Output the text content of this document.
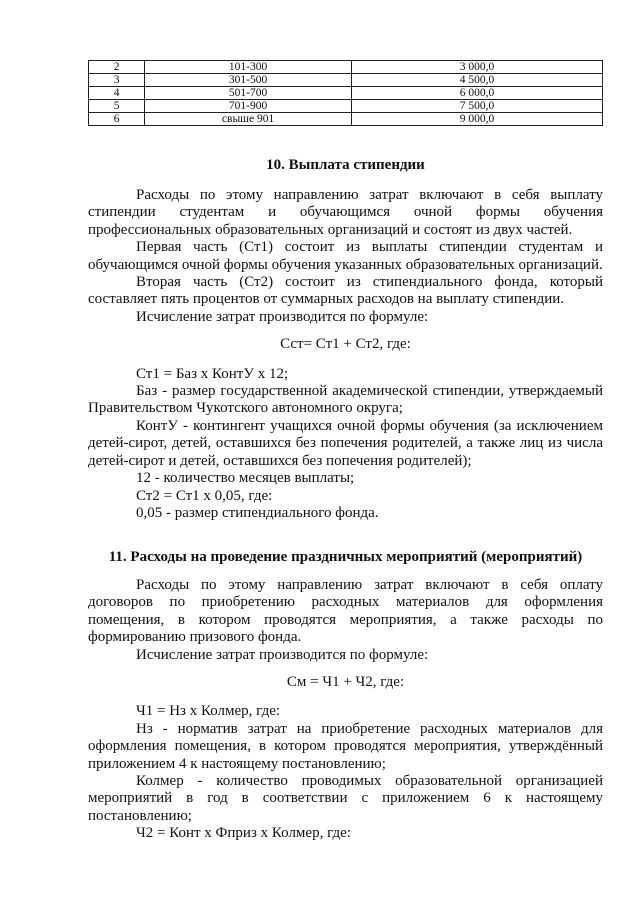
2	101-300	3 000,0
3	301-500	4 500,0
4	501-700	6 000,0
5	701-900	7 500,0
6	свыше 901	9 000,0
10. Выплата стипендии

Расходы по этому направлению затрат включают в себя выплату стипендии студентам и обучающимся очной формы обучения профессиональных образовательных организаций и состоят из двух частей.

Первая часть (Ст1) состоит из выплаты стипендии студентам и обучающимся очной формы обучения указанных образовательных организаций.

Вторая часть (Ст2) состоит из стипендиального фонда, который составляет пять процентов от суммарных расходов на выплату стипендии.

Исчисление затрат производится по формуле:

Сст= Ст1 + Ст2, где:

Ст1 = Баз х КонтУ х 12;

Баз - размер государственной академической стипендии, утверждаемый Правительством Чукотского автономного округа;

КонтУ - контингент учащихся очной формы обучения (за исключением детей-сирот, детей, оставшихся без попечения родителей, а также лиц из числа детей-сирот и детей, оставшихся без попечения родителей);

12 - количество месяцев выплаты;

Ст2 = Ст1 х 0,05, где:

0,05 - размер стипендиального фонда.

11. Расходы на проведение праздничных мероприятий (мероприятий)

Расходы по этому направлению затрат включают в себя оплату договоров по приобретению расходных материалов для оформления помещения, в котором проводятся мероприятия, а также расходы по формированию призового фонда.

Исчисление затрат производится по формуле:

См = Ч1 + Ч2, где:

Ч1 = Нз х Колмер, где:

Нз - норматив затрат на приобретение расходных материалов для оформления помещения, в котором проводятся мероприятия, утверждённый приложением 4 к настоящему постановлению;

Колмер - количество проводимых образовательной организацией мероприятий в год в соответствии с приложением 6 к настоящему постановлению;

Ч2 = Конт х Фприз х Колмер, где:
